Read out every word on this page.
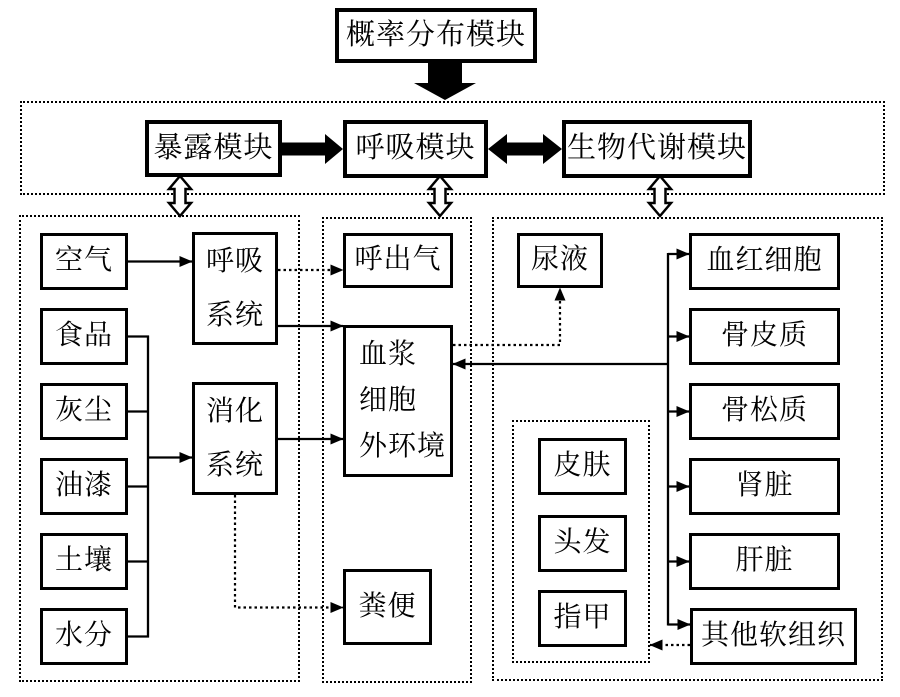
概率分布模块
暴露模块	呼吸模块	生物代谢模块
空气
食品
灰尘
油漆
土壤
水分
呼吸
系统
消化
系统
呼出气
血浆
细胞
外环境
粪便
尿液	血红细胞
骨皮质
骨松质
肾脏
肝脏
其他软组织
皮肤
头发
指甲
